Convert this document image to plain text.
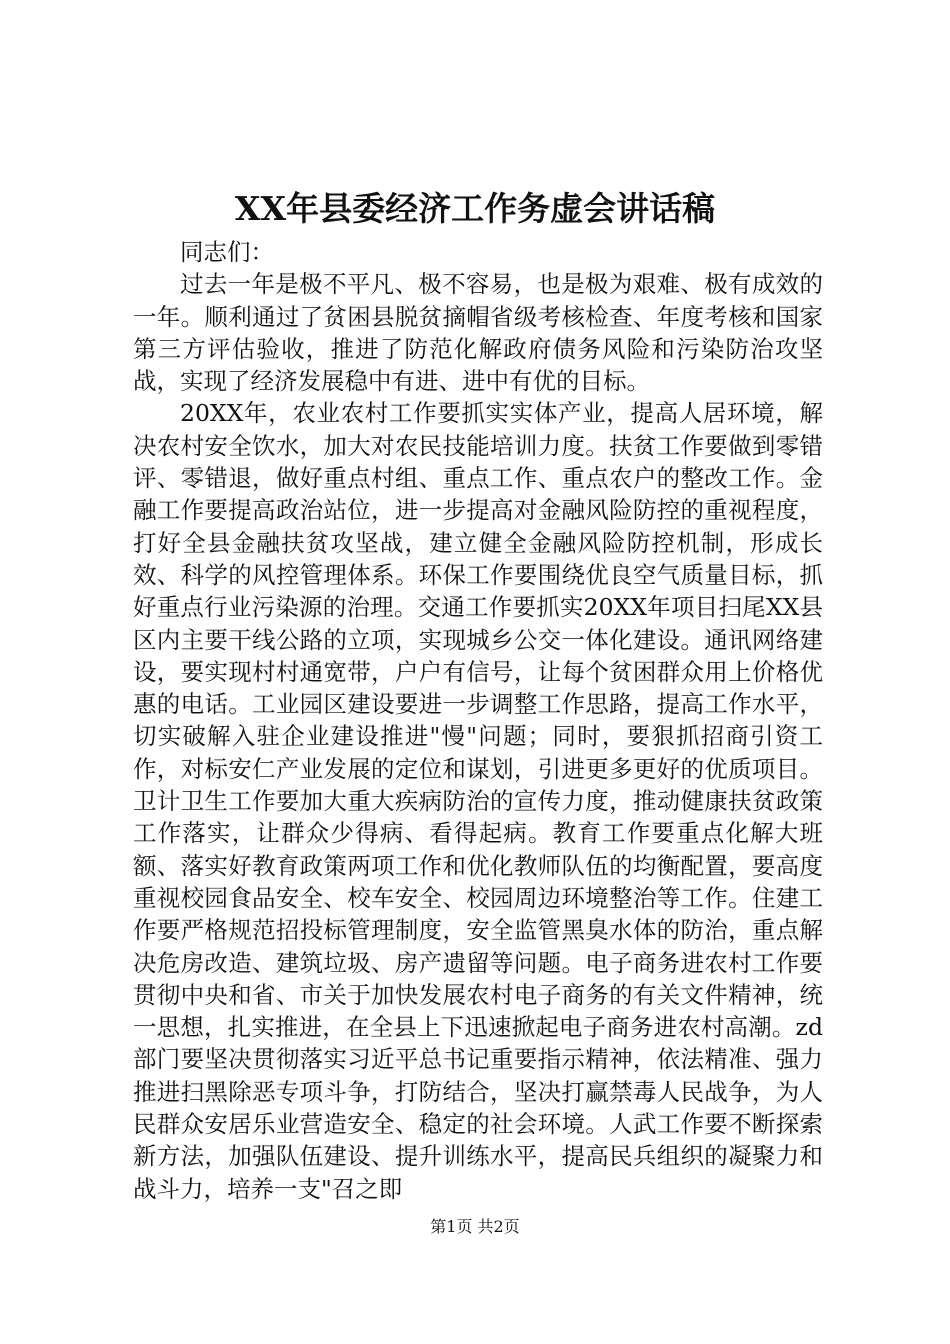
XX年县委经济工作务虚会讲话稿

同志们：

过去一年是极不平凡、极不容易，也是极为艰难、极有成效的一年。顺利通过了贫困县脱贫摘帽省级考核检查、年度考核和国家第三方评估验收，推进了防范化解政府债务风险和污染防治攻坚战，实现了经济发展稳中有进、进中有优的目标。

20XX年，农业农村工作要抓实实体产业，提高人居环境，解决农村安全饮水，加大对农民技能培训力度。扶贫工作要做到零错评、零错退，做好重点村组、重点工作、重点农户的整改工作。金融工作要提高政治站位，进一步提高对金融风险防控的重视程度，打好全县金融扶贫攻坚战，建立健全金融风险防控机制，形成长效、科学的风控管理体系。环保工作要围绕优良空气质量目标，抓好重点行业污染源的治理。交通工作要抓实20XX年项目扫尾XX县区内主要干线公路的立项，实现城乡公交一体化建设。通讯网络建设，要实现村村通宽带，户户有信号，让每个贫困群众用上价格优惠的电话。工业园区建设要进一步调整工作思路，提高工作水平，切实破解入驻企业建设推进"慢"问题；同时，要狠抓招商引资工作，对标安仁产业发展的定位和谋划，引进更多更好的优质项目。卫计卫生工作要加大重大疾病防治的宣传力度，推动健康扶贫政策工作落实，让群众少得病、看得起病。教育工作要重点化解大班额、落实好教育政策两项工作和优化教师队伍的均衡配置，要高度重视校园食品安全、校车安全、校园周边环境整治等工作。住建工作要严格规范招投标管理制度，安全监管黑臭水体的防治，重点解决危房改造、建筑垃圾、房产遗留等问题。电子商务进农村工作要贯彻中央和省、市关于加快发展农村电子商务的有关文件精神，统一思想，扎实推进，在全县上下迅速掀起电子商务进农村高潮。zd部门要坚决贯彻落实习近平总书记重要指示精神，依法精准、强力推进扫黑除恶专项斗争，打防结合，坚决打赢禁毒人民战争，为人民群众安居乐业营造安全、稳定的社会环境。人武工作要不断探索新方法，加强队伍建设、提升训练水平，提高民兵组织的凝聚力和战斗力，培养一支"召之即

第1页 共2页
